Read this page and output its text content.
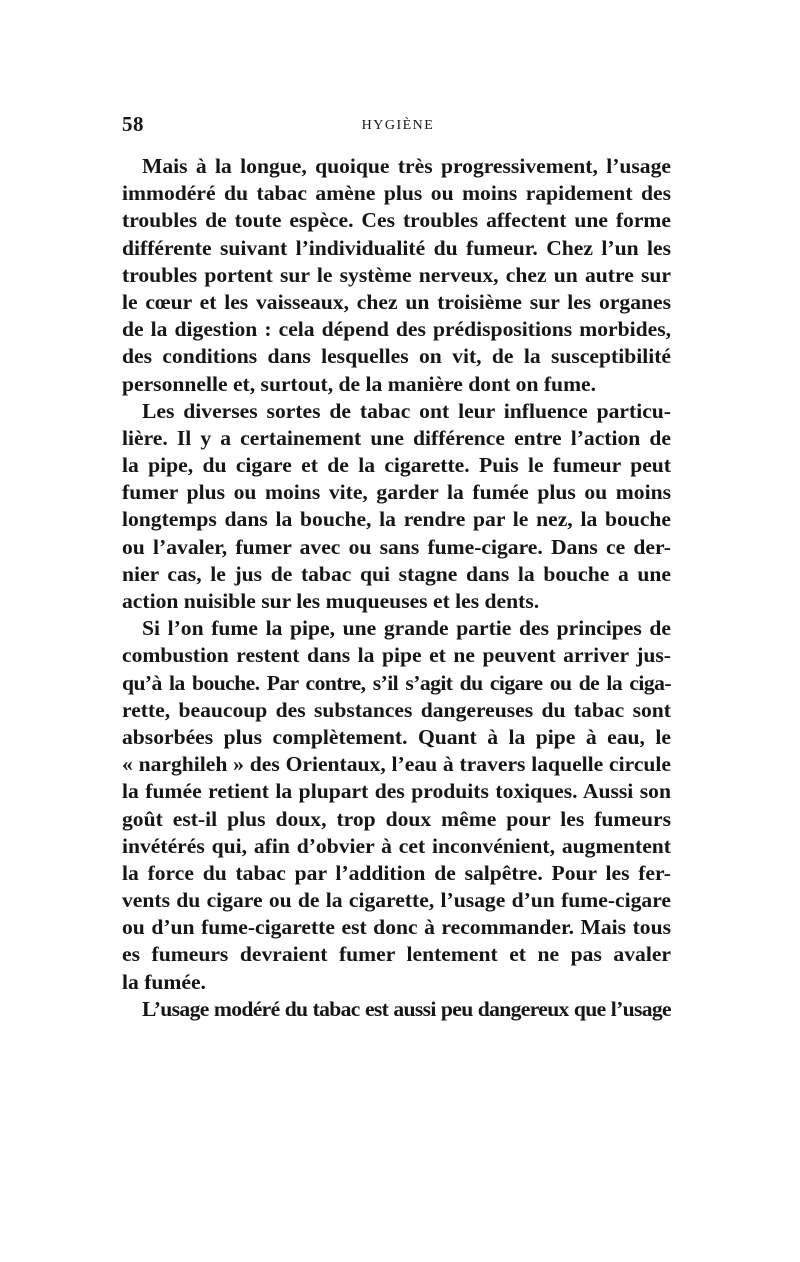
58	HYGIÈNE
Mais à la longue, quoique très progressivement, l’usage
immodéré du tabac amène plus ou moins rapidement des
troubles de toute espèce. Ces troubles affectent une forme
différente suivant l’individualité du fumeur. Chez l’un les
troubles portent sur le système nerveux, chez un autre sur
le cœur et les vaisseaux, chez un troisième sur les organes
de la digestion : cela dépend des prédispositions morbides,
des conditions dans lesquelles on vit, de la susceptibilité
personnelle et, surtout, de la manière dont on fume.
Les diverses sortes de tabac ont leur influence particu-
lière. Il y a certainement une différence entre l’action de
la pipe, du cigare et de la cigarette. Puis le fumeur peut
fumer plus ou moins vite, garder la fumée plus ou moins
longtemps dans la bouche, la rendre par le nez, la bouche
ou l’avaler, fumer avec ou sans fume-cigare. Dans ce der-
nier cas, le jus de tabac qui stagne dans la bouche a une
action nuisible sur les muqueuses et les dents.
Si l’on fume la pipe, une grande partie des principes de
combustion restent dans la pipe et ne peuvent arriver jus-
qu’à la bouche. Par contre, s’il s’agit du cigare ou de la ciga-
rette, beaucoup des substances dangereuses du tabac sont
absorbées plus complètement. Quant à la pipe à eau, le
« narghileh » des Orientaux, l’eau à travers laquelle circule
la fumée retient la plupart des produits toxiques. Aussi son
goût est-il plus doux, trop doux même pour les fumeurs
invétérés qui, afin d’obvier à cet inconvénient, augmentent
la force du tabac par l’addition de salpêtre. Pour les fer-
vents du cigare ou de la cigarette, l’usage d’un fume-cigare
ou d’un fume-cigarette est donc à recommander. Mais tous
es fumeurs devraient fumer lentement et ne pas avaler
la fumée.
L’usage modéré du tabac est aussi peu dangereux que l’usage
